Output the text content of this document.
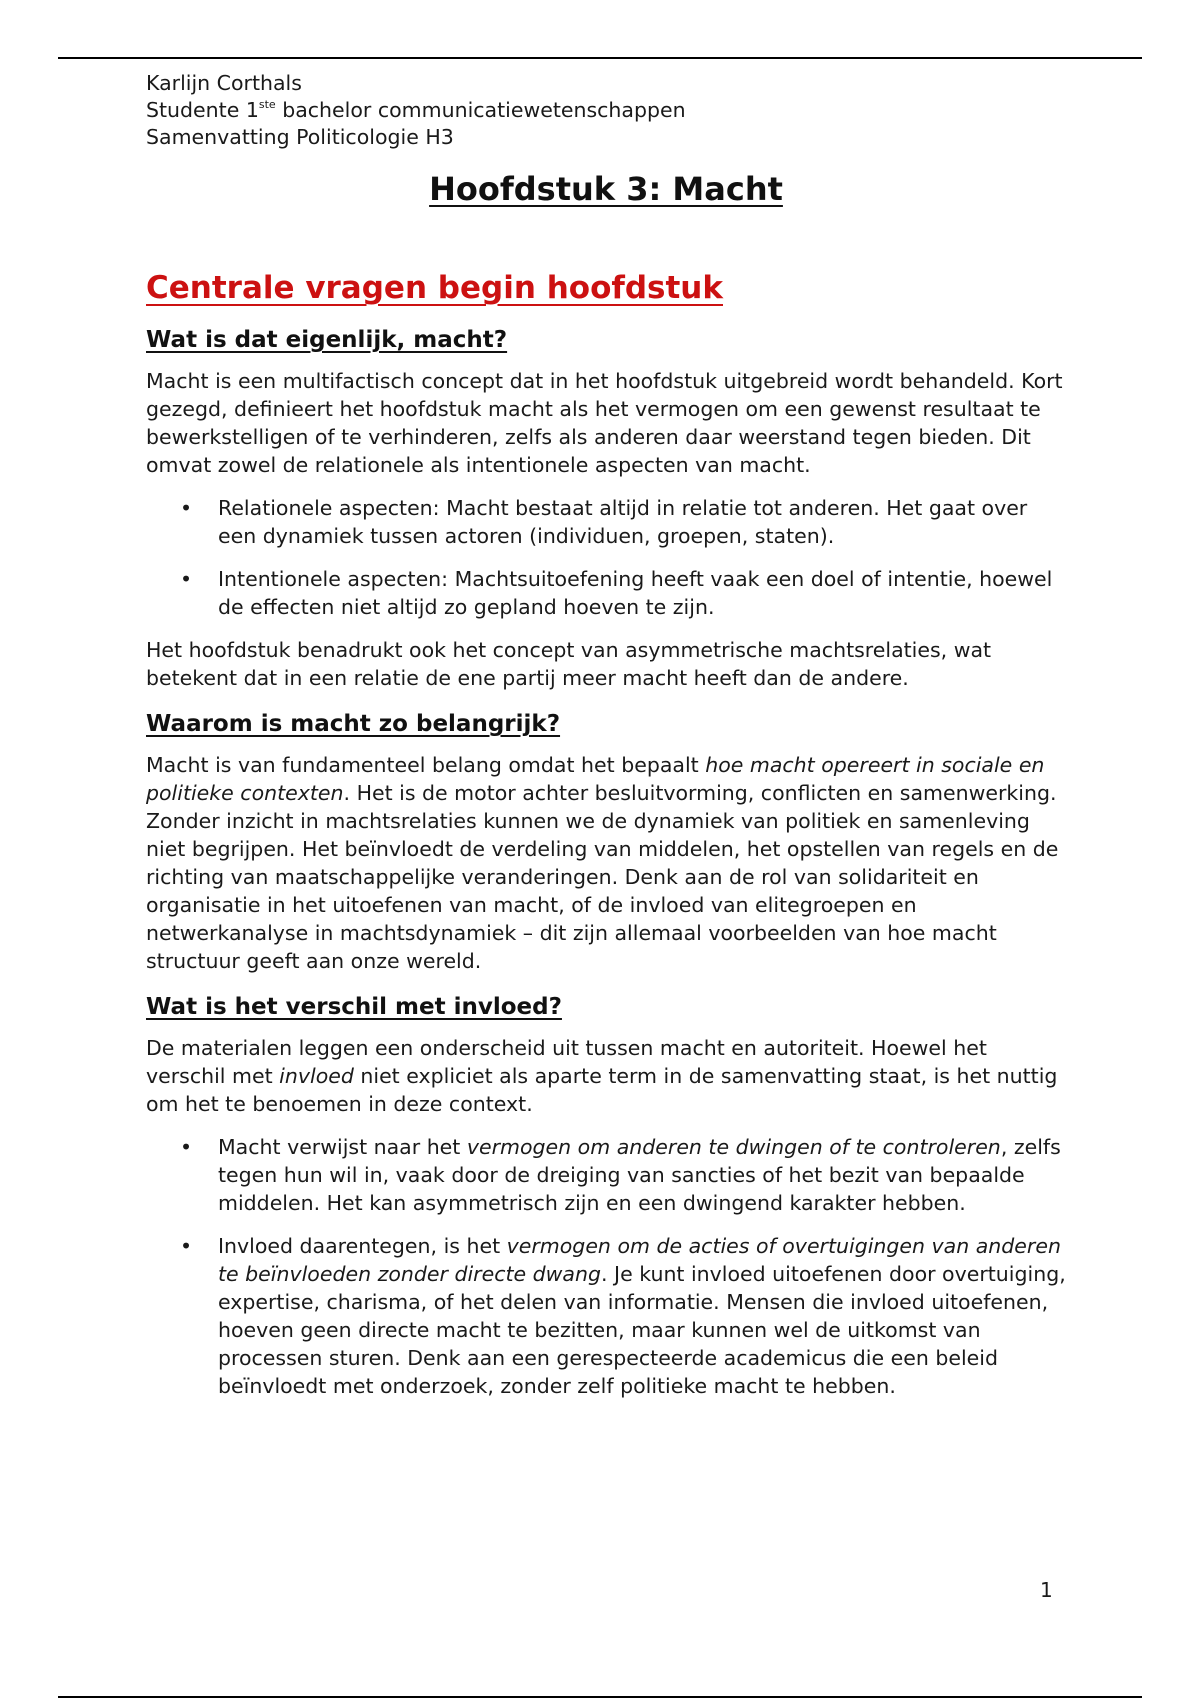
Karlijn Corthals

Studente 1ste bachelor communicatiewetenschappen

Samenvatting Politicologie H3

Hoofdstuk 3: Macht
Centrale vragen begin hoofdstuk
Wat is dat eigenlijk, macht?

Macht is een multifactisch concept dat in het hoofdstuk uitgebreid wordt behandeld. Kort gezegd, definieert het hoofdstuk macht als het vermogen om een gewenst resultaat te bewerkstelligen of te verhinderen, zelfs als anderen daar weerstand tegen bieden. Dit omvat zowel de relationele als intentionele aspecten van macht.

• Relationele aspecten: Macht bestaat altijd in relatie tot anderen. Het gaat over een dynamiek tussen actoren (individuen, groepen, staten).
• Intentionele aspecten: Machtsuitoefening heeft vaak een doel of intentie, hoewel de effecten niet altijd zo gepland hoeven te zijn.

Het hoofdstuk benadrukt ook het concept van asymmetrische machtsrelaties, wat betekent dat in een relatie de ene partij meer macht heeft dan de andere.

Waarom is macht zo belangrijk?

Macht is van fundamenteel belang omdat het bepaalt hoe macht opereert in sociale en politieke contexten. Het is de motor achter besluitvorming, conflicten en samenwerking. Zonder inzicht in machtsrelaties kunnen we de dynamiek van politiek en samenleving niet begrijpen. Het beïnvloedt de verdeling van middelen, het opstellen van regels en de richting van maatschappelijke veranderingen. Denk aan de rol van solidariteit en organisatie in het uitoefenen van macht, of de invloed van elitegroepen en netwerkanalyse in machtsdynamiek – dit zijn allemaal voorbeelden van hoe macht structuur geeft aan onze wereld.

Wat is het verschil met invloed?

De materialen leggen een onderscheid uit tussen macht en autoriteit. Hoewel het verschil met invloed niet expliciet als aparte term in de samenvatting staat, is het nuttig om het te benoemen in deze context.

• Macht verwijst naar het vermogen om anderen te dwingen of te controleren, zelfs tegen hun wil in, vaak door de dreiging van sancties of het bezit van bepaalde middelen. Het kan asymmetrisch zijn en een dwingend karakter hebben.
• Invloed daarentegen, is het vermogen om de acties of overtuigingen van anderen te beïnvloeden zonder directe dwang. Je kunt invloed uitoefenen door overtuiging, expertise, charisma, of het delen van informatie. Mensen die invloed uitoefenen, hoeven geen directe macht te bezitten, maar kunnen wel de uitkomst van processen sturen. Denk aan een gerespecteerde academicus die een beleid beïnvloedt met onderzoek, zonder zelf politieke macht te hebben.
1
